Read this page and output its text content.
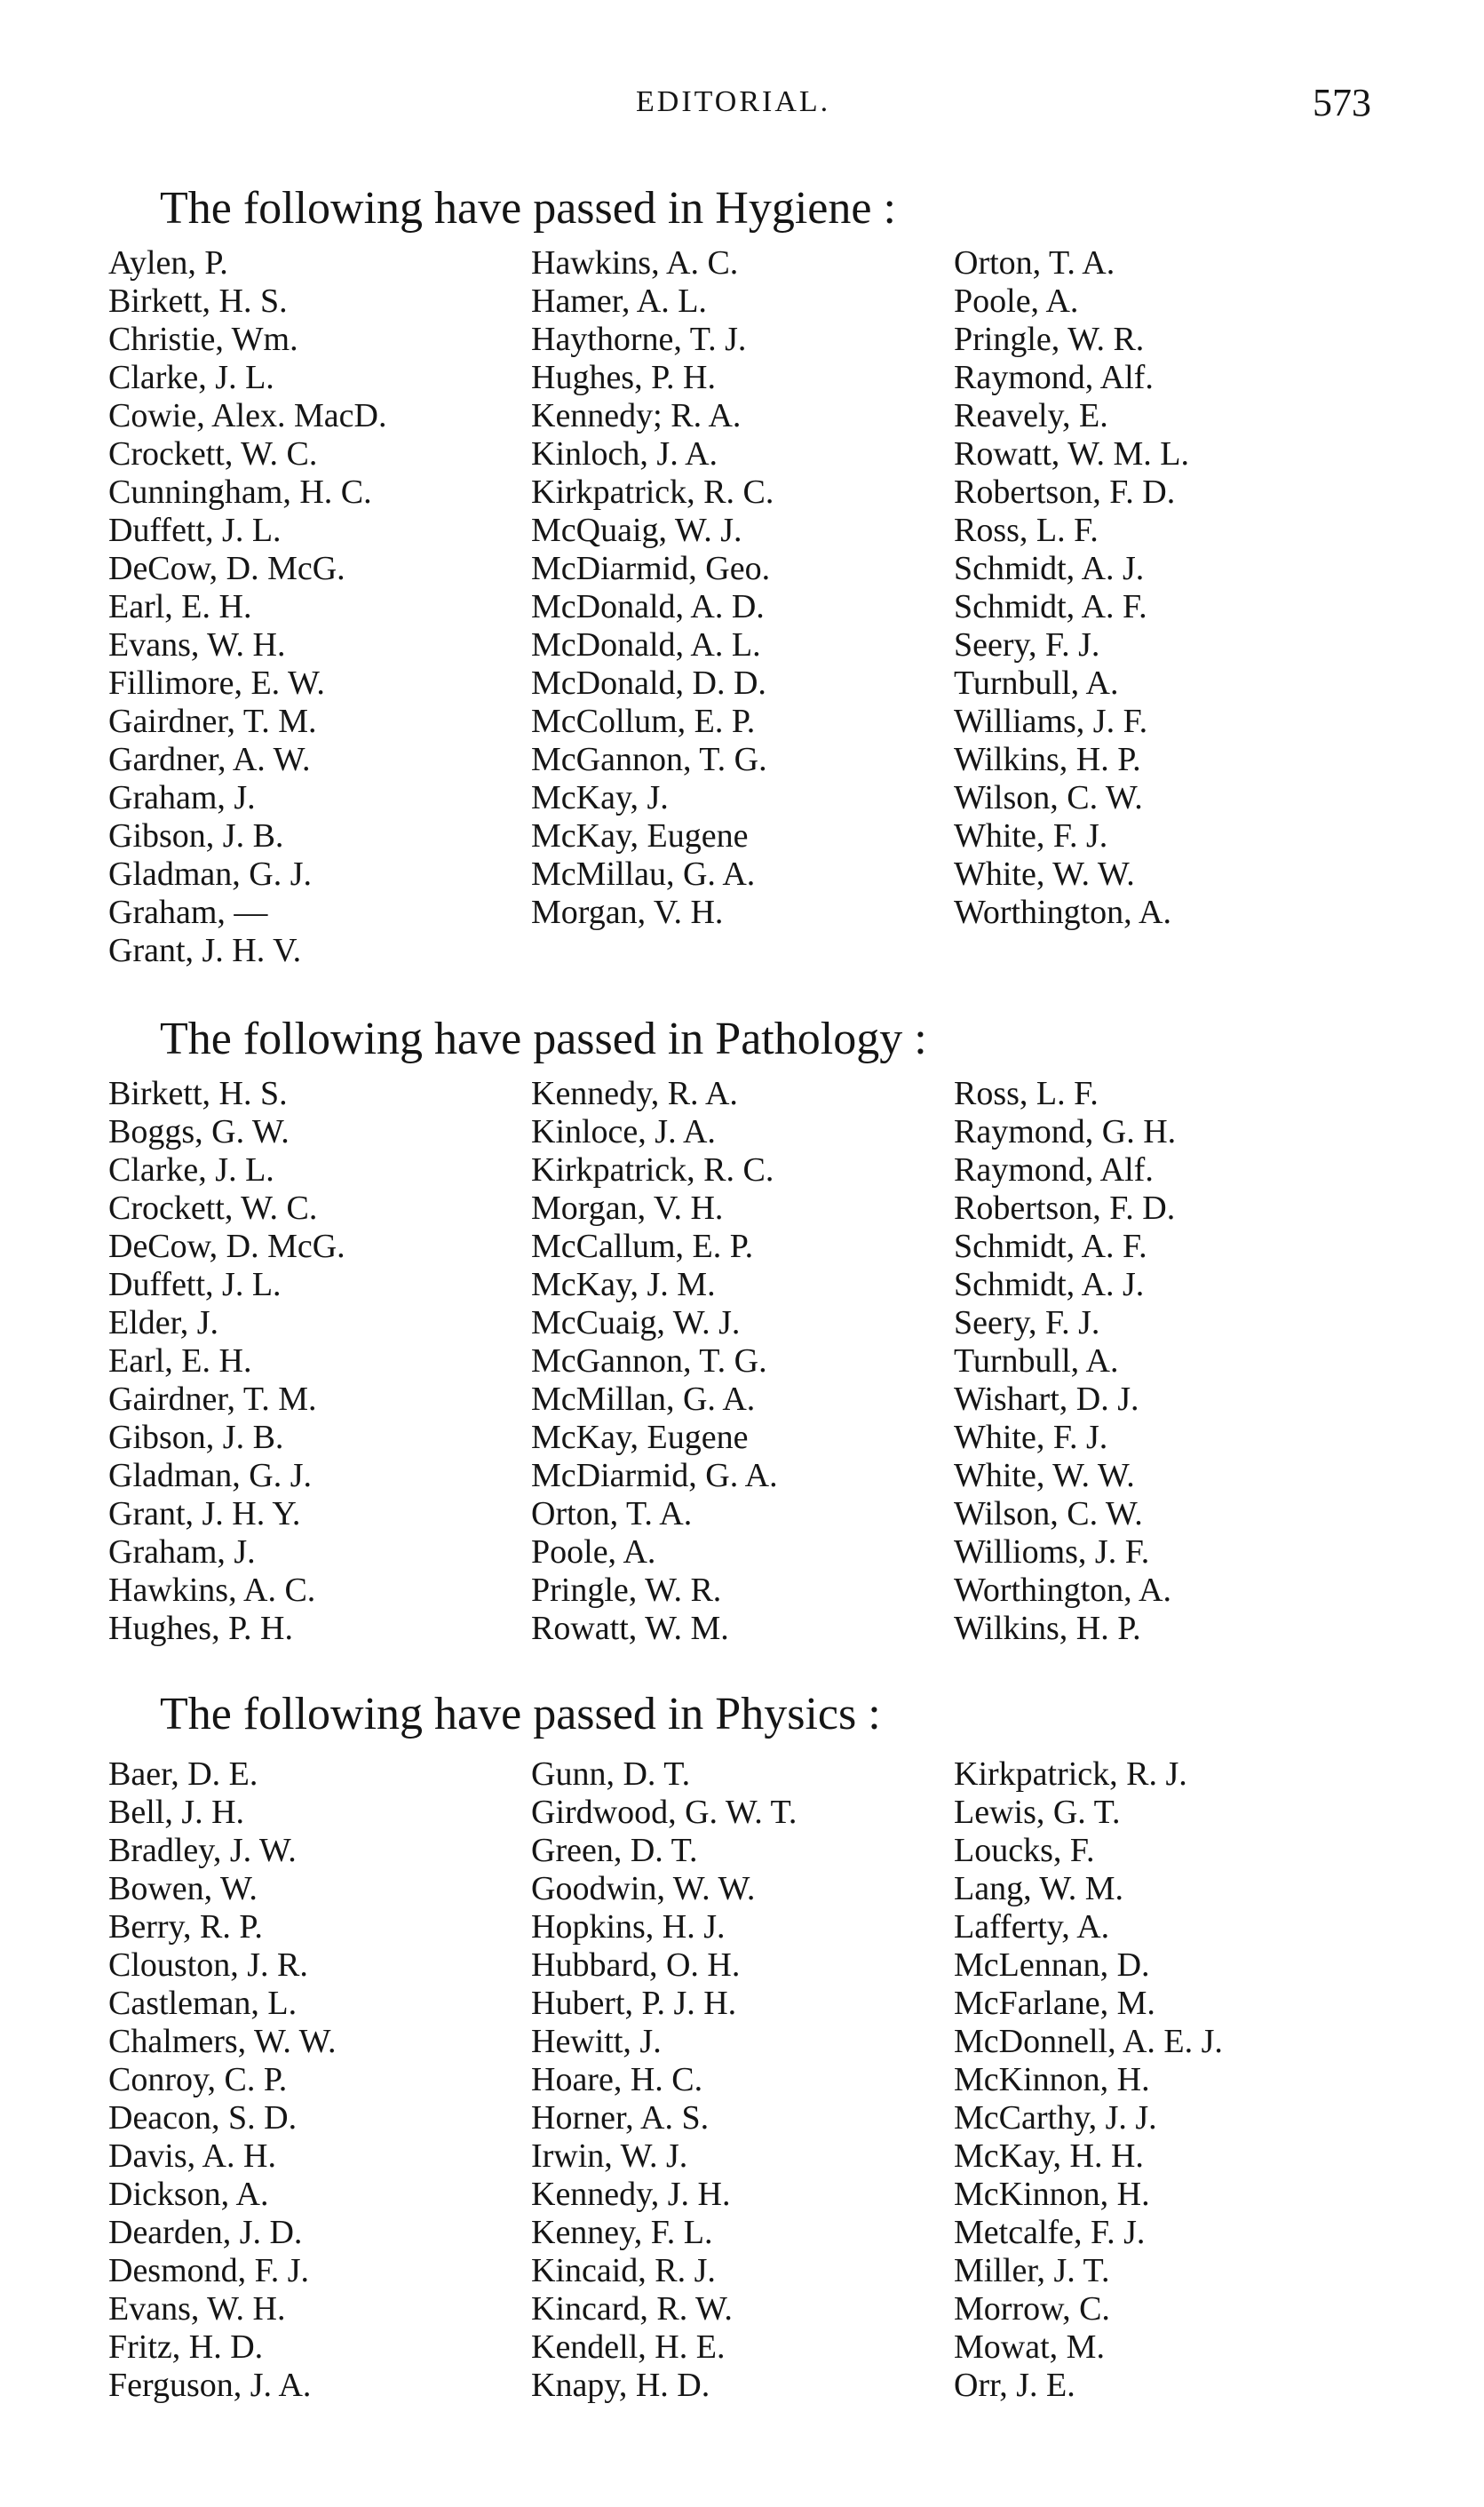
EDITORIAL.	573
The following have passed in Hygiene :
Aylen, P.
Birkett, H. S.
Christie, Wm.
Clarke, J. L.
Cowie, Alex. MacD.
Crockett, W. C.
Cunningham, H. C.
Duffett, J. L.
DeCow, D. McG.
Earl, E. H.
Evans, W. H.
Fillimore, E. W.
Gairdner, T. M.
Gardner, A. W.
Graham, J.
Gibson, J. B.
Gladman, G. J.
Graham, —
Grant, J. H. V.
Hawkins, A. C.
Hamer, A. L.
Haythorne, T. J.
Hughes, P. H.
Kennedy; R. A.
Kinloch, J. A.
Kirkpatrick, R. C.
McQuaig, W. J.
McDiarmid, Geo.
McDonald, A. D.
McDonald, A. L.
McDonald, D. D.
McCollum, E. P.
McGannon, T. G.
McKay, J.
McKay, Eugene
McMillau, G. A.
Morgan, V. H.
Orton, T. A.
Poole, A.
Pringle, W. R.
Raymond, Alf.
Reavely, E.
Rowatt, W. M. L.
Robertson, F. D.
Ross, L. F.
Schmidt, A. J.
Schmidt, A. F.
Seery, F. J.
Turnbull, A.
Williams, J. F.
Wilkins, H. P.
Wilson, C. W.
White, F. J.
White, W. W.
Worthington, A.
The following have passed in Pathology :
Birkett, H. S.
Boggs, G. W.
Clarke, J. L.
Crockett, W. C.
DeCow, D. McG.
Duffett, J. L.
Elder, J.
Earl, E. H.
Gairdner, T. M.
Gibson, J. B.
Gladman, G. J.
Grant, J. H. Y.
Graham, J.
Hawkins, A. C.
Hughes, P. H.
Kennedy, R. A.
Kinloce, J. A.
Kirkpatrick, R. C.
Morgan, V. H.
McCallum, E. P.
McKay, J. M.
McCuaig, W. J.
McGannon, T. G.
McMillan, G. A.
McKay, Eugene
McDiarmid, G. A.
Orton, T. A.
Poole, A.
Pringle, W. R.
Rowatt, W. M.
Ross, L. F.
Raymond, G. H.
Raymond, Alf.
Robertson, F. D.
Schmidt, A. F.
Schmidt, A. J.
Seery, F. J.
Turnbull, A.
Wishart, D. J.
White, F. J.
White, W. W.
Wilson, C. W.
Willioms, J. F.
Worthington, A.
Wilkins, H. P.
The following have passed in Physics :
Baer, D. E.
Bell, J. H.
Bradley, J. W.
Bowen, W.
Berry, R. P.
Clouston, J. R.
Castleman, L.
Chalmers, W. W.
Conroy, C. P.
Deacon, S. D.
Davis, A. H.
Dickson, A.
Dearden, J. D.
Desmond, F. J.
Evans, W. H.
Fritz, H. D.
Ferguson, J. A.
Gunn, D. T.
Girdwood, G. W. T.
Green, D. T.
Goodwin, W. W.
Hopkins, H. J.
Hubbard, O. H.
Hubert, P. J. H.
Hewitt, J.
Hoare, H. C.
Horner, A. S.
Irwin, W. J.
Kennedy, J. H.
Kenney, F. L.
Kincaid, R. J.
Kincard, R. W.
Kendell, H. E.
Knapy, H. D.
Kirkpatrick, R. J.
Lewis, G. T.
Loucks, F.
Lang, W. M.
Lafferty, A.
McLennan, D.
McFarlane, M.
McDonnell, A. E. J.
McKinnon, H.
McCarthy, J. J.
McKay, H. H.
McKinnon, H.
Metcalfe, F. J.
Miller, J. T.
Morrow, C.
Mowat, M.
Orr, J. E.
